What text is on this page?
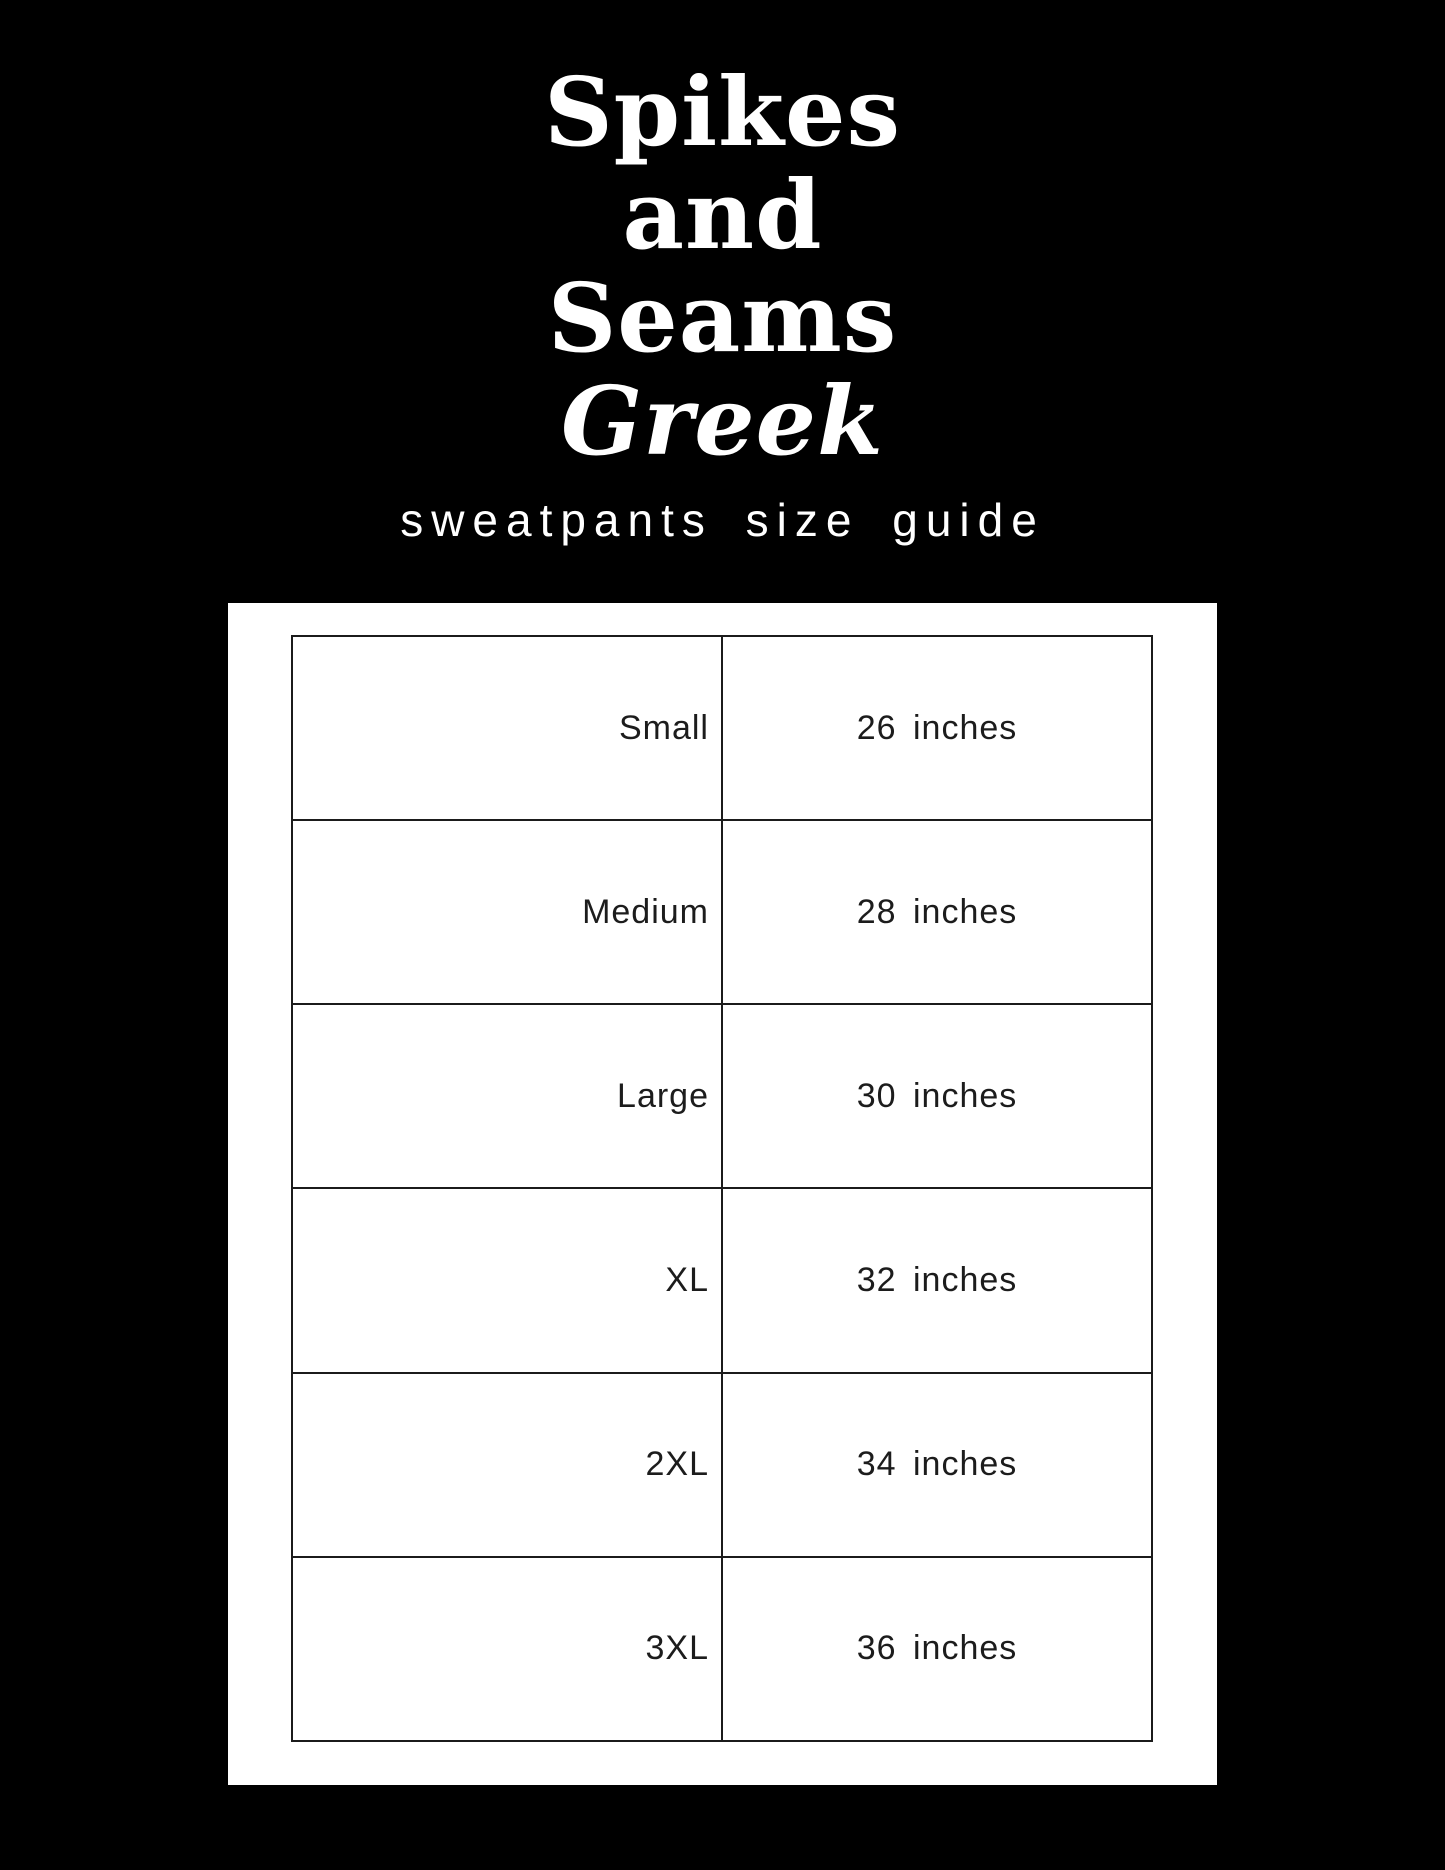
Spikes
and
Seams
Greek
sweatpants size guide
Small	26 inches
Medium	28 inches
Large	30 inches
XL	32 inches
2XL	34 inches
3XL	36 inches
